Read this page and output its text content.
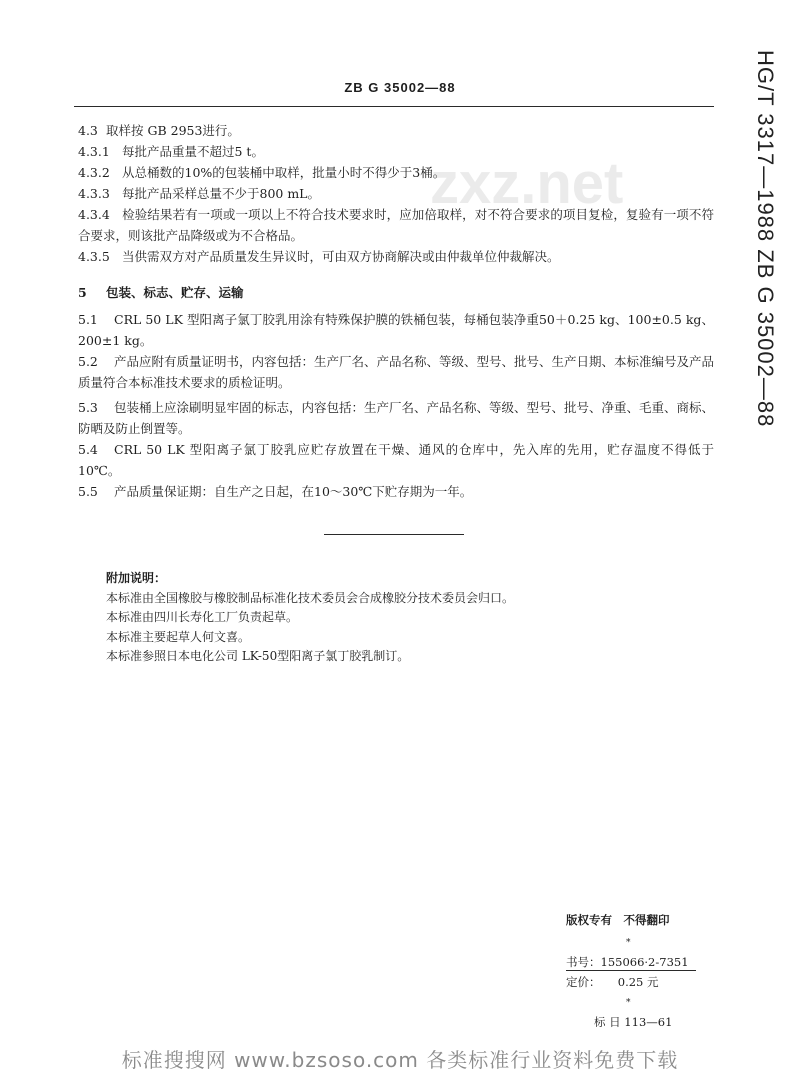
ZB G 35002—88	HG/T 3317—1988 ZB G 35002—88
zxz.net
4.3 取样按 GB 2953进行。
4.3.1 每批产品重量不超过5 t。
4.3.2 从总桶数的10%的包装桶中取样，批量小时不得少于3桶。
4.3.3 每批产品采样总量不少于800 mL。
4.3.4 检验结果若有一项或一项以上不符合技术要求时，应加倍取样，对不符合要求的项目复检，复验有一项不符合要求，则该批产品降级或为不合格品。
4.3.5 当供需双方对产品质量发生异议时，可由双方协商解决或由仲裁单位仲裁解决。
5 包装、标志、贮存、运输
5.1 CRL 50 LK 型阳离子氯丁胶乳用涂有特殊保护膜的铁桶包装，每桶包装净重50＋0.25 kg、100±0.5 kg、200±1 kg。
5.2 产品应附有质量证明书，内容包括：生产厂名、产品名称、等级、型号、批号、生产日期、本标准编号及产品质量符合本标准技术要求的质检证明。
5.3 包装桶上应涂刷明显牢固的标志，内容包括：生产厂名、产品名称、等级、型号、批号、净重、毛重、商标、防晒及防止倒置等。
5.4 CRL 50 LK 型阳离子氯丁胶乳应贮存放置在干燥、通风的仓库中，先入库的先用，贮存温度不得低于10℃。
5.5 产品质量保证期：自生产之日起，在10～30℃下贮存期为一年。
附加说明：
本标准由全国橡胶与橡胶制品标准化技术委员会合成橡胶分技术委员会归口。
本标准由四川长寿化工厂负责起草。
本标准主要起草人何文喜。
本标准参照日本电化公司 LK-50型阳离子氯丁胶乳制订。
版权专有　不得翻印
*
书号：155066·2-7351
定价：　　0.25 元
*
标 日 113—61
标准搜搜网 www.bzsoso.com 各类标准行业资料免费下载
